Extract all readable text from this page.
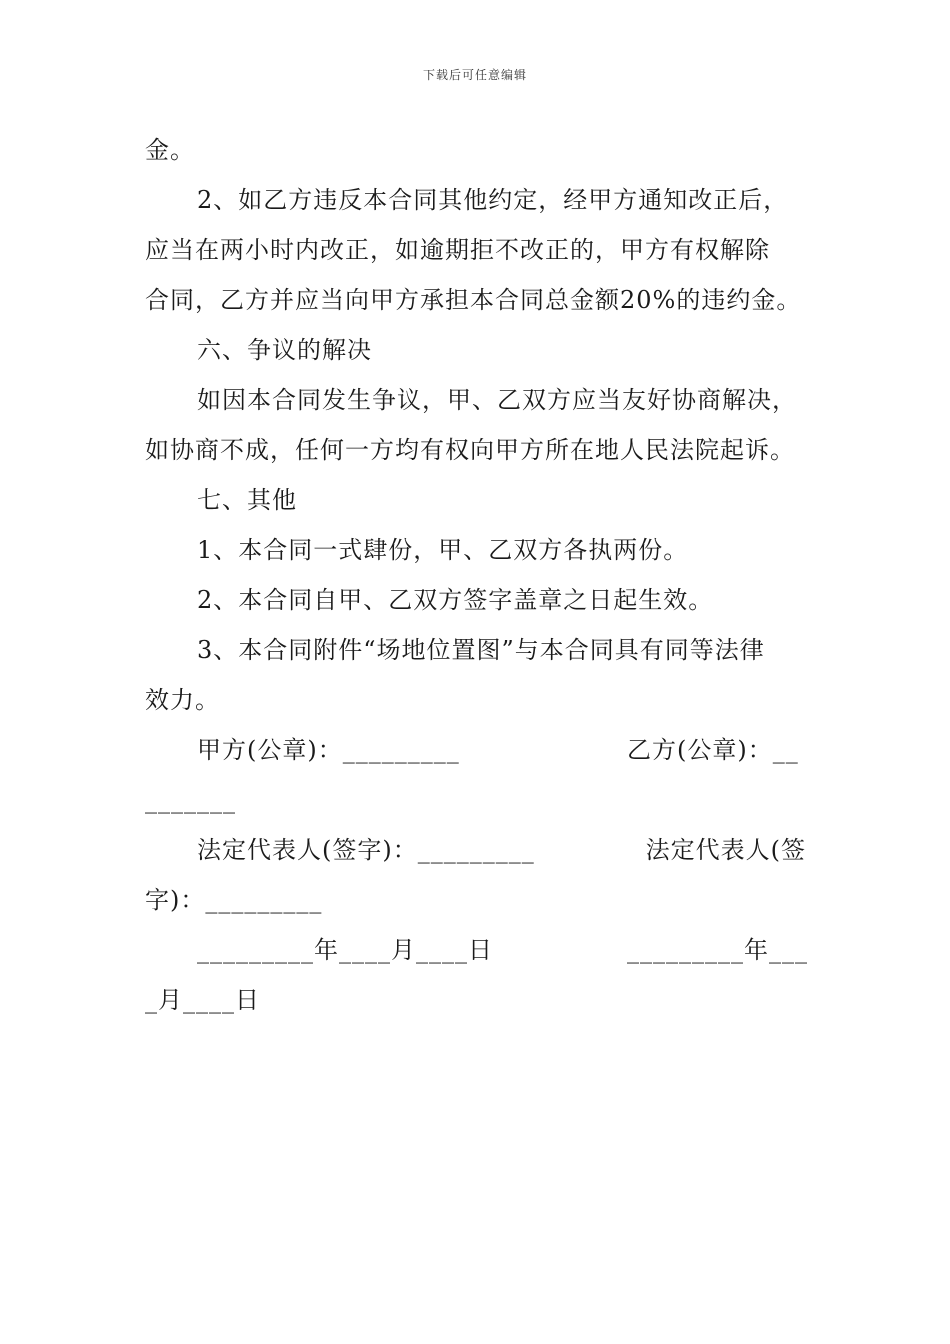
下载后可任意编辑
金。
2、如乙方违反本合同其他约定，经甲方通知改正后，
应当在两小时内改正，如逾期拒不改正的，甲方有权解除
合同，乙方并应当向甲方承担本合同总金额20%的违约金。
六、争议的解决
如因本合同发生争议，甲、乙双方应当友好协商解决，
如协商不成，任何一方均有权向甲方所在地人民法院起诉。
七、其他
1、本合同一式肆份，甲、乙双方各执两份。
2、本合同自甲、乙双方签字盖章之日起生效。
3、本合同附件“场地位置图”与本合同具有同等法律
效力。
甲方(公章)：_________	乙方(公章)：__
_______
法定代表人(签字)：_________	法定代表人(签
字)：_________
_________年____月____日	_________年___
_月____日
